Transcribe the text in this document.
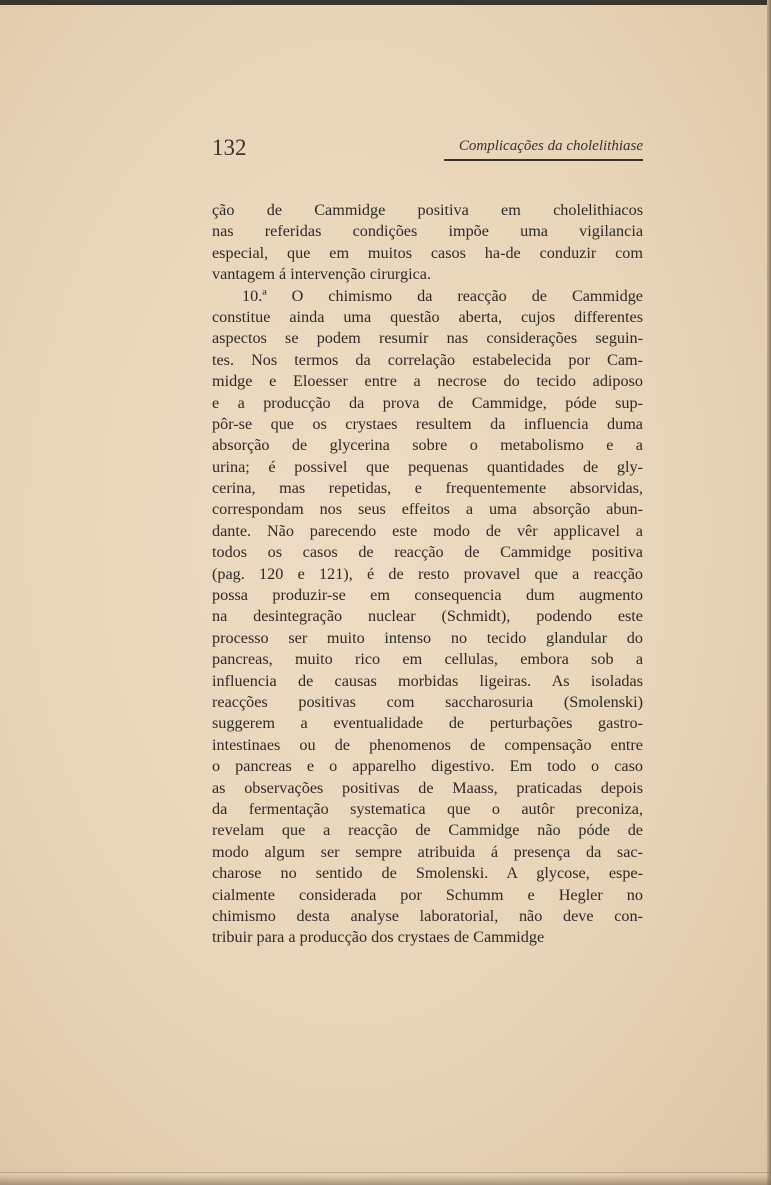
132	Complicações da cholelithiase
ção de Cammidge positiva em cholelithiacos
nas referidas condições impõe uma vigilancia
especial, que em muitos casos ha-de conduzir com
vantagem á intervenção cirurgica.
10.ª O chimismo da reacção de Cammidge
constitue ainda uma questão aberta, cujos differentes
aspectos se podem resumir nas considerações seguin-
tes. Nos termos da correlação estabelecida por Cam-
midge e Eloesser entre a necrose do tecido adiposo
e a producção da prova de Cammidge, póde sup-
pôr-se que os crystaes resultem da influencia duma
absorção de glycerina sobre o metabolismo e a
urina; é possivel que pequenas quantidades de gly-
cerina, mas repetidas, e frequentemente absorvidas,
correspondam nos seus effeitos a uma absorção abun-
dante. Não parecendo este modo de vêr applicavel a
todos os casos de reacção de Cammidge positiva
(pag. 120 e 121), é de resto provavel que a reacção
possa produzir-se em consequencia dum augmento
na desintegração nuclear (Schmidt), podendo este
processo ser muito intenso no tecido glandular do
pancreas, muito rico em cellulas, embora sob a
influencia de causas morbidas ligeiras. As isoladas
reacções positivas com saccharosuria (Smolenski)
suggerem a eventualidade de perturbações gastro-
intestinaes ou de phenomenos de compensação entre
o pancreas e o apparelho digestivo. Em todo o caso
as observações positivas de Maass, praticadas depois
da fermentação systematica que o autôr preconiza,
revelam que a reacção de Cammidge não póde de
modo algum ser sempre atribuida á presença da sac-
charose no sentido de Smolenski. A glycose, espe-
cialmente considerada por Schumm e Hegler no
chimismo desta analyse laboratorial, não deve con-
tribuir para a producção dos crystaes de Cammidge
